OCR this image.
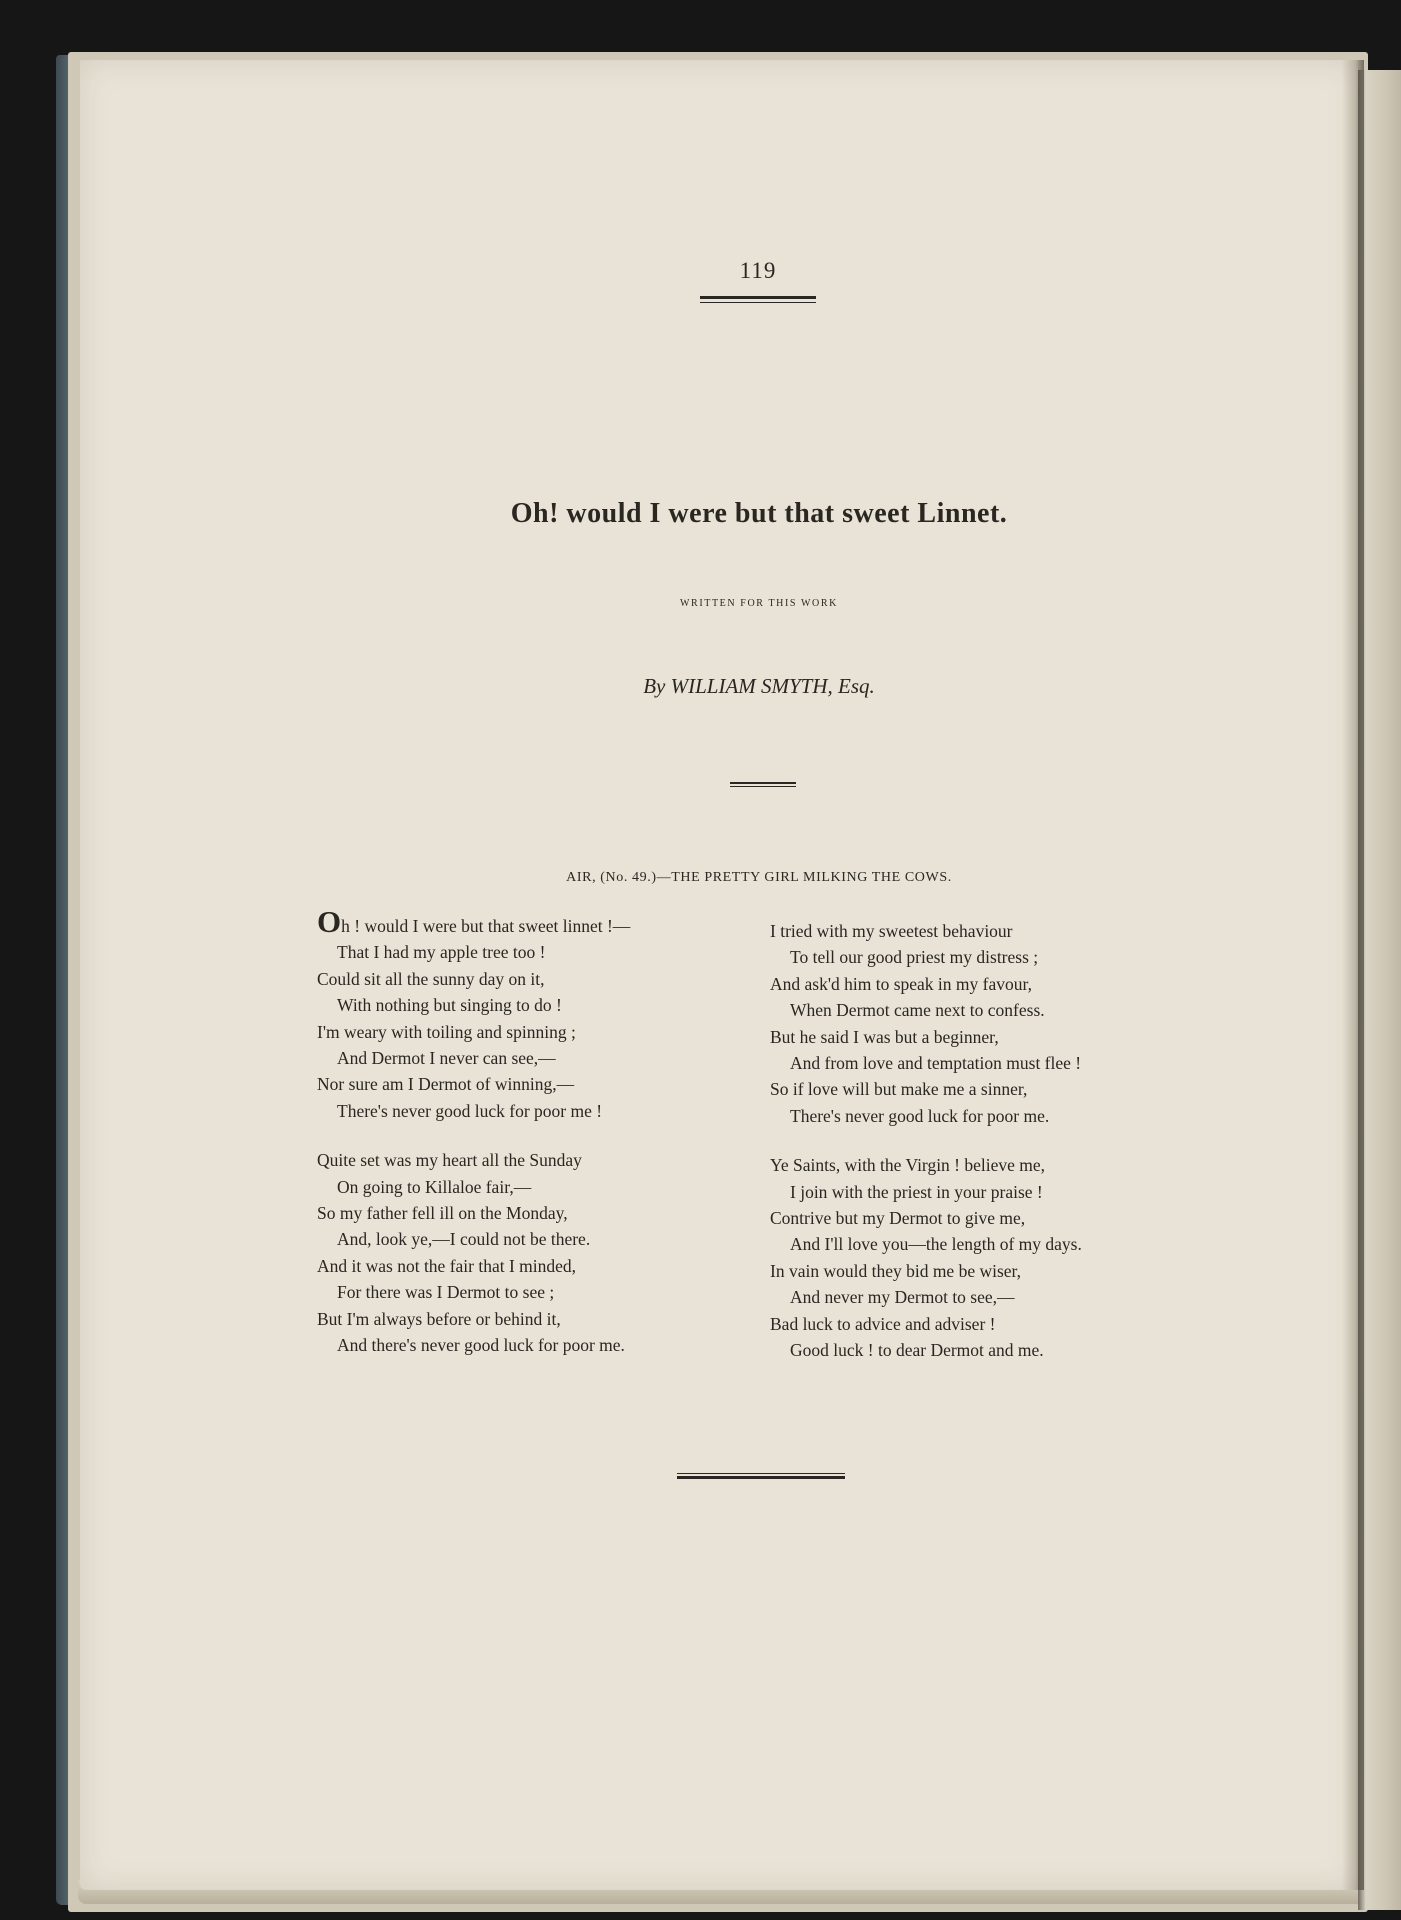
119
Oh! would I were but that sweet Linnet.
WRITTEN FOR THIS WORK
By WILLIAM SMYTH, Esq.
AIR, (No. 49.)—THE PRETTY GIRL MILKING THE COWS.
Oh ! would I were but that sweet linnet !—
That I had my apple tree too !
Could sit all the sunny day on it,
With nothing but singing to do !
I'm weary with toiling and spinning ;
And Dermot I never can see,—
Nor sure am I Dermot of winning,—
There's never good luck for poor me !
Quite set was my heart all the Sunday
On going to Killaloe fair,—
So my father fell ill on the Monday,
And, look ye,—I could not be there.
And it was not the fair that I minded,
For there was I Dermot to see ;
But I'm always before or behind it,
And there's never good luck for poor me.
I tried with my sweetest behaviour
To tell our good priest my distress ;
And ask'd him to speak in my favour,
When Dermot came next to confess.
But he said I was but a beginner,
And from love and temptation must flee !
So if love will but make me a sinner,
There's never good luck for poor me.
Ye Saints, with the Virgin ! believe me,
I join with the priest in your praise !
Contrive but my Dermot to give me,
And I'll love you—the length of my days.
In vain would they bid me be wiser,
And never my Dermot to see,—
Bad luck to advice and adviser !
Good luck ! to dear Dermot and me.
